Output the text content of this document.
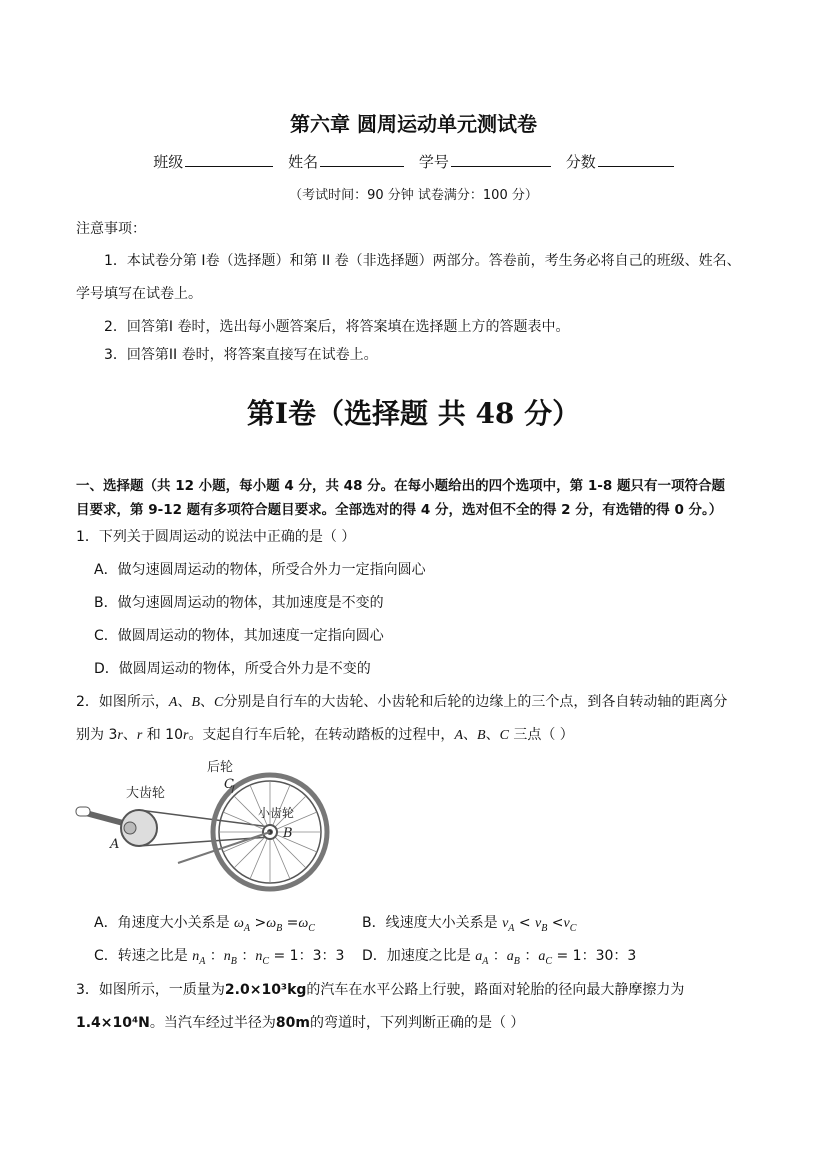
第六章 圆周运动单元测试卷
班级	姓名	学号	分数
（考试时间：90 分钟 试卷满分：100 分）
注意事项：
1．本试卷分第 I卷（选择题）和第 II 卷（非选择题）两部分。答卷前，考生务必将自己的班级、姓名、
学号填写在试卷上。
2．回答第I 卷时，选出每小题答案后，将答案填在选择题上方的答题表中。
3．回答第II 卷时，将答案直接写在试卷上。
第I卷（选择题 共 48 分）
一、选择题（共 12 小题，每小题 4 分，共 48 分。在每小题给出的四个选项中，第 1-8 题只有一项符合题
目要求，第 9-12 题有多项符合题目要求。全部选对的得 4 分，选对但不全的得 2 分，有选错的得 0 分。）
1．下列关于圆周运动的说法中正确的是（ ）
A．做匀速圆周运动的物体，所受合外力一定指向圆心
B．做匀速圆周运动的物体，其加速度是不变的
C．做圆周运动的物体，其加速度一定指向圆心
D．做圆周运动的物体，所受合外力是不变的
2．如图所示，A、B、C分别是自行车的大齿轮、小齿轮和后轮的边缘上的三个点，到各自转动轴的距离分
别为 3r、r 和 10r。支起自行车后轮，在转动踏板的过程中，A、B、C 三点（ ）
后轮
大齿轮
小齿轮
C
B
A
A．角速度大小关系是 $\omega_A >\omega_B =\omega_C$	B．线速度大小关系是 $v_A < v_B <v_C$
C．转速之比是 $n_A$ ：$n_B$ ：$n_C = 1$：3：3 D．加速度之比是 $a_A$ ：$a_B$ ：$a_C = 1$：30：3
3．如图所示，一质量为2.0×10³kg的汽车在水平公路上行驶，路面对轮胎的径向最大静摩擦力为
1.4×10⁴N。当汽车经过半径为80m的弯道时，下列判断正确的是（ ）
